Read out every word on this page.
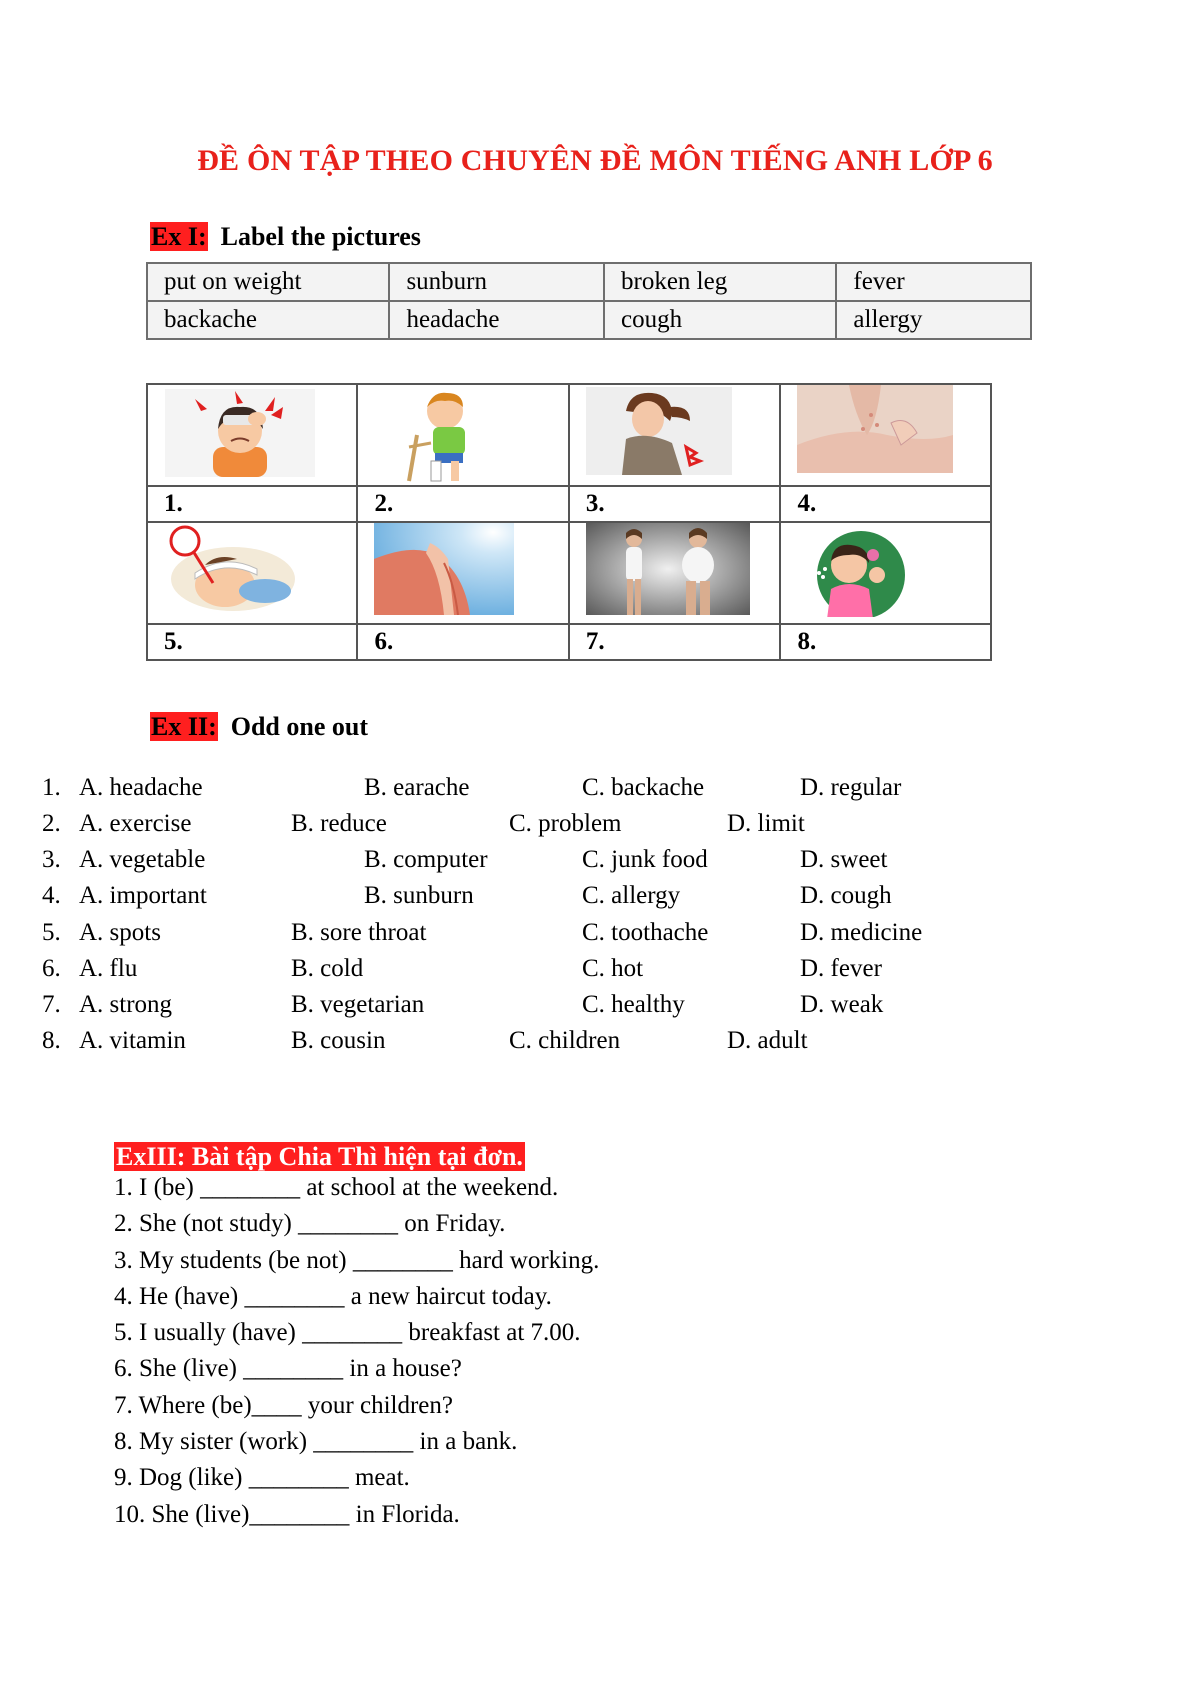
ĐỀ ÔN TẬP THEO CHUYÊN ĐỀ MÔN TIẾNG ANH LỚP 6
Ex I: Label the pictures
put on weight	sunburn	broken leg	fever
backache	headache	cough	allergy

1.	2.	3.	4.

5.	6.	7.	8.
Ex II: Odd one out
1. A. headache	B. earache	C. backache	D. regular
2. A. exercise	B. reduce	C. problem	D. limit
3. A. vegetable	B. computer	C. junk food	D. sweet
4. A. important	B. sunburn	C. allergy	D. cough
5. A. spots	B. sore throat	C. toothache	D. medicine
6. A. flu	B. cold	C. hot	D. fever
7. A. strong	B. vegetarian	C. healthy	D. weak
8. A. vitamin	B. cousin	C. children	D. adult
ExIII: Bài tập Chia Thì hiện tại đơn.
1. I (be) ________ at school at the weekend.
2. She (not study) ________ on Friday.
3. My students (be not) ________ hard working.
4. He (have) ________ a new haircut today.
5. I usually (have) ________ breakfast at 7.00.
6. She (live) ________ in a house?
7. Where (be)____ your children?
8. My sister (work) ________ in a bank.
9. Dog (like) ________ meat.
10. She (live)________ in Florida.
